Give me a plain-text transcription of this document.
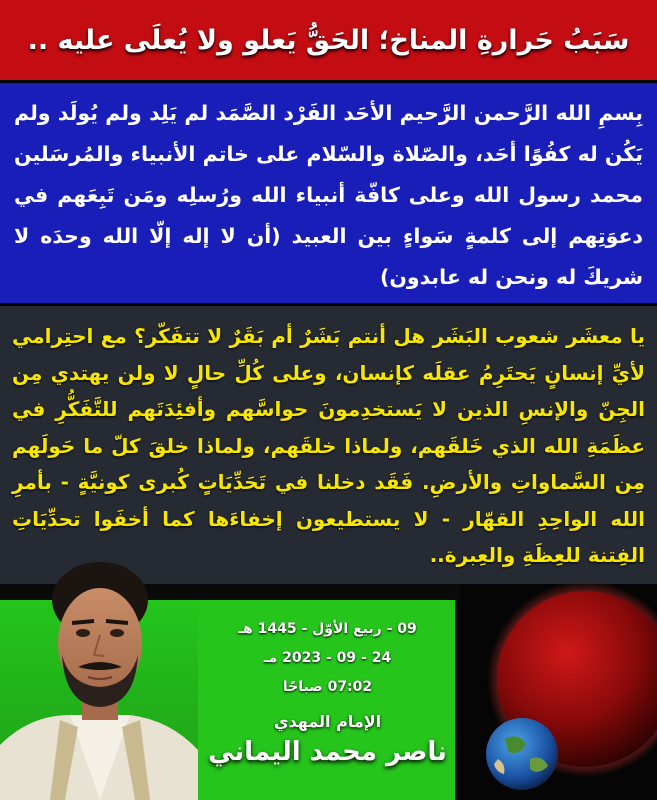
سَبَبُ حَرارةِ المناخ؛ الحَقُّ يَعلو ولا يُعلَى عليه ..
بِسمِ الله الرَّحمن الرَّحيم الأحَد الفَرْد الصَّمَد لم يَلِد ولم يُولَد ولم يَكُن له كفُوًا أحَد، والصّلاة والسّلام على خاتم الأنبياء والمُرسَلين محمد رسول الله وعلى كافّة أنبياء الله ورُسلِه ومَن تَبِعَهم في دعوَتِهم إلى كلمةٍ سَواءٍ بين العبيد (أن لا إله إلّا الله وحدَه لا شريكَ له ونحن له عابدون)
يا معشَر شعوب البَشَر هل أنتم بَشَرٌ أم بَقَرٌ لا تتفَكّر؟ مع احتِرامي لأيِّ إنسانٍ يَحتَرِمُ عقلَه كإنسان، وعلى كُلِّ حالٍ لا ولن يهتدي مِن الجِنّ والإنسِ الذين لا يَستخدِمونَ حواسَّهم وأفئِدَتَهم للتَّفَكُّرِ في عظَمَةِ الله الذي خَلقَهم، ولماذا خلقَهم، ولماذا خلقَ كلّ ما حَولَهم مِن السَّماواتِ والأرضِ. فَقَد دخلنا في تَحَدِّيَاتٍ كُبرى كونيَّةٍ - بأمرِ الله الواحِدِ القهّار - لا يستطيعون إخفاءَها كما أخفَوا تحدِّيَاتِ الفِتنة للعِظَةِ والعِبرة..
09 - ربيع الأوّل - 1445 هـ
24 - 09 - 2023 مـ
07:02 صباحًا
الإمام المهدي
ناصر محمد اليماني
